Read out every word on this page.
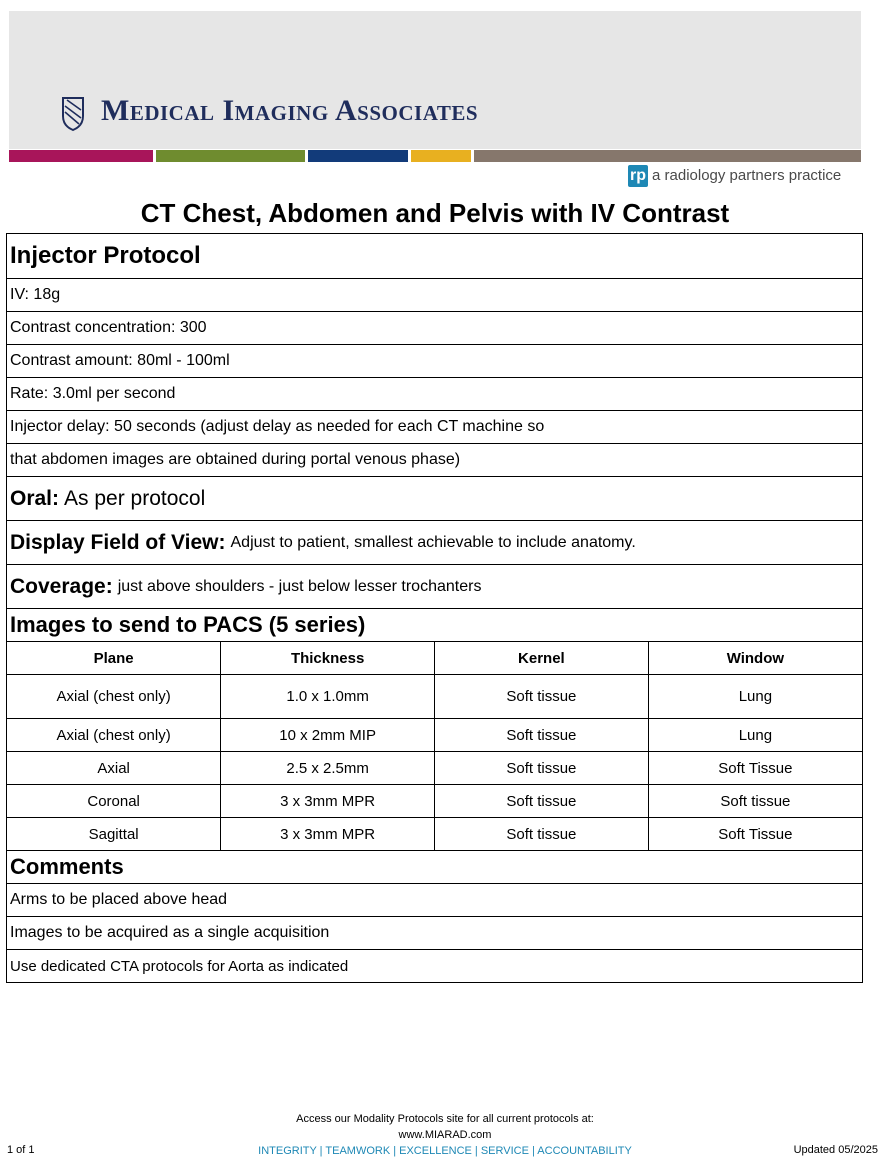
Medical Imaging Associates
rp a radiology partners practice
CT Chest, Abdomen and Pelvis with IV Contrast
Injector Protocol
IV: 18g
Contrast concentration: 300
Contrast amount: 80ml - 100ml
Rate: 3.0ml per second
Injector delay: 50 seconds (adjust delay as needed for each CT machine so
that abdomen images are obtained during portal venous phase)
Oral: As per protocol
Display Field of View: Adjust to patient, smallest achievable to include anatomy.
Coverage: just above shoulders - just below lesser trochanters
Images to send to PACS (5 series)
Plane	Thickness	Kernel	Window
Axial (chest only)	1.0 x 1.0mm	Soft tissue	Lung
Axial (chest only)	10 x 2mm MIP	Soft tissue	Lung
Axial	2.5 x 2.5mm	Soft tissue	Soft Tissue
Coronal	3 x 3mm MPR	Soft tissue	Soft tissue
Sagittal	3 x 3mm MPR	Soft tissue	Soft Tissue
Comments
Arms to be placed above head
Images to be acquired as a single acquisition
Use dedicated CTA protocols for Aorta as indicated
Access our Modality Protocols site for all current protocols at:
www.MIARAD.com
INTEGRITY | TEAMWORK | EXCELLENCE | SERVICE | ACCOUNTABILITY
1 of 1	Updated 05/2025
